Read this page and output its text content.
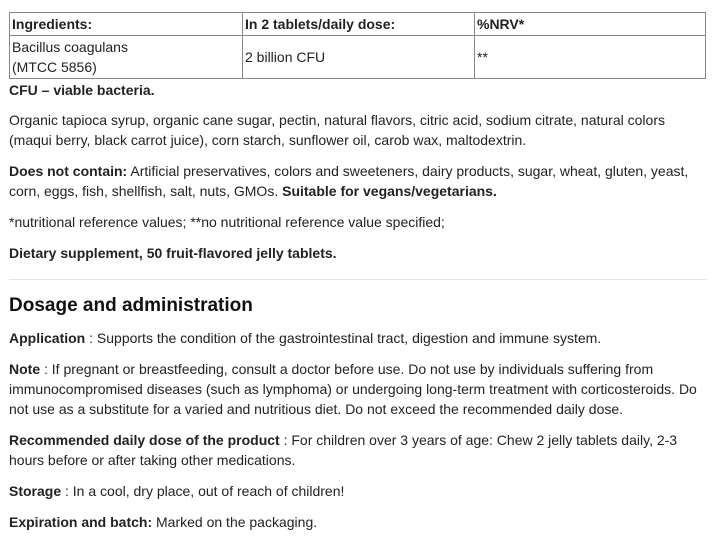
Ingredients:	In 2 tablets/daily dose:	%NRV*

Bacillus coagulans
(MTCC 5856)	2 billion CFU	**

CFU – viable bacteria.

Organic tapioca syrup, organic cane sugar, pectin, natural flavors, citric acid, sodium citrate, natural colors (maqui berry, black carrot juice), corn starch, sunflower oil, carob wax, maltodextrin.

Does not contain: Artificial preservatives, colors and sweeteners, dairy products, sugar, wheat, gluten, yeast, corn, eggs, fish, shellfish, salt, nuts, GMOs. Suitable for vegans/vegetarians.

*nutritional reference values; **no nutritional reference value specified;

Dietary supplement, 50 fruit-flavored jelly tablets.

Dosage and administration

Application : Supports the condition of the gastrointestinal tract, digestion and immune system.

Note : If pregnant or breastfeeding, consult a doctor before use. Do not use by individuals suffering from immunocompromised diseases (such as lymphoma) or undergoing long-term treatment with corticosteroids. Do not use as a substitute for a varied and nutritious diet. Do not exceed the recommended daily dose.

Recommended daily dose of the product : For children over 3 years of age: Chew 2 jelly tablets daily, 2-3 hours before or after taking other medications.

Storage : In a cool, dry place, out of reach of children!

Expiration and batch: Marked on the packaging.
